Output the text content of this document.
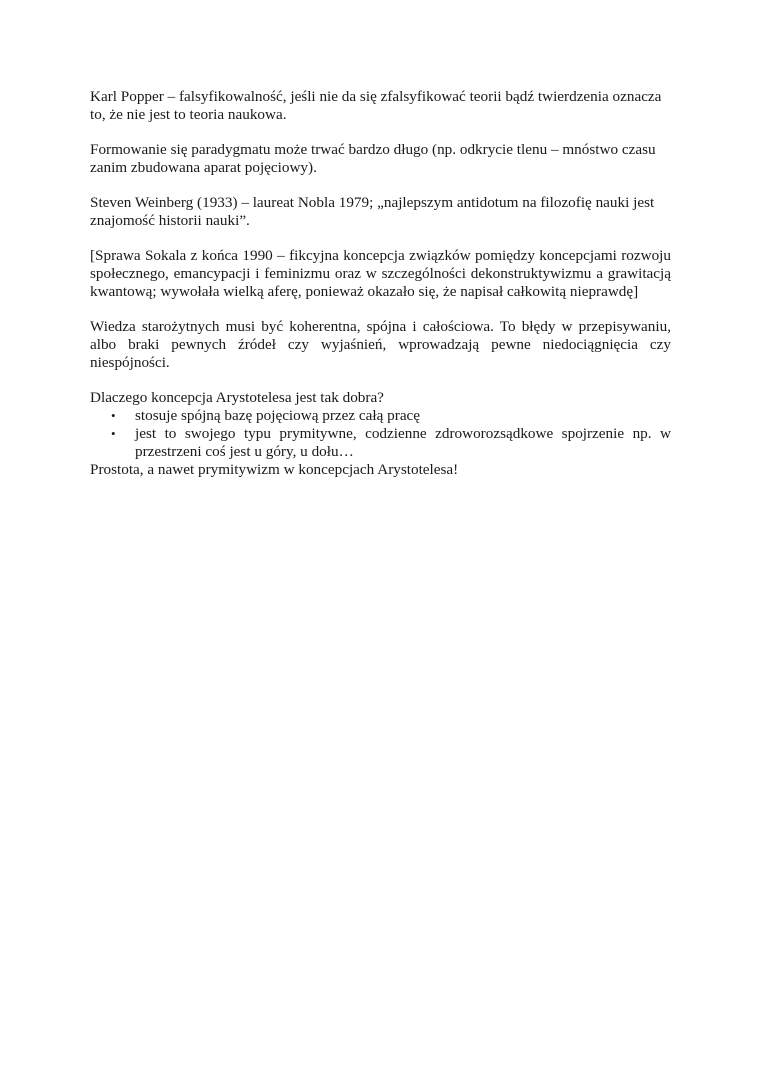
Karl Popper – falsyfikowalność, jeśli nie da się zfalsyfikować teorii bądź twierdzenia oznacza to, że nie jest to teoria naukowa.

Formowanie się paradygmatu może trwać bardzo długo (np. odkrycie tlenu – mnóstwo czasu zanim zbudowana aparat pojęciowy).

Steven Weinberg (1933) – laureat Nobla 1979; „najlepszym antidotum na filozofię nauki jest znajomość historii nauki”.

[Sprawa Sokala z końca 1990 – fikcyjna koncepcja związków pomiędzy koncepcjami rozwoju społecznego, emancypacji i feminizmu oraz w szczególności dekonstruktywizmu a grawitacją kwantową; wywołała wielką aferę, ponieważ okazało się, że napisał całkowitą nieprawdę]

Wiedza starożytnych musi być koherentna, spójna i całościowa. To błędy w przepisywaniu, albo braki pewnych źródeł czy wyjaśnień, wprowadzają pewne niedociągnięcia czy niespójności.

Dlaczego koncepcja Arystotelesa jest tak dobra?

• stosuje spójną bazę pojęciową przez całą pracę
• jest to swojego typu prymitywne, codzienne zdroworozsądkowe spojrzenie np. w przestrzeni coś jest u góry, u dołu…

Prostota, a nawet prymitywizm w koncepcjach Arystotelesa!
